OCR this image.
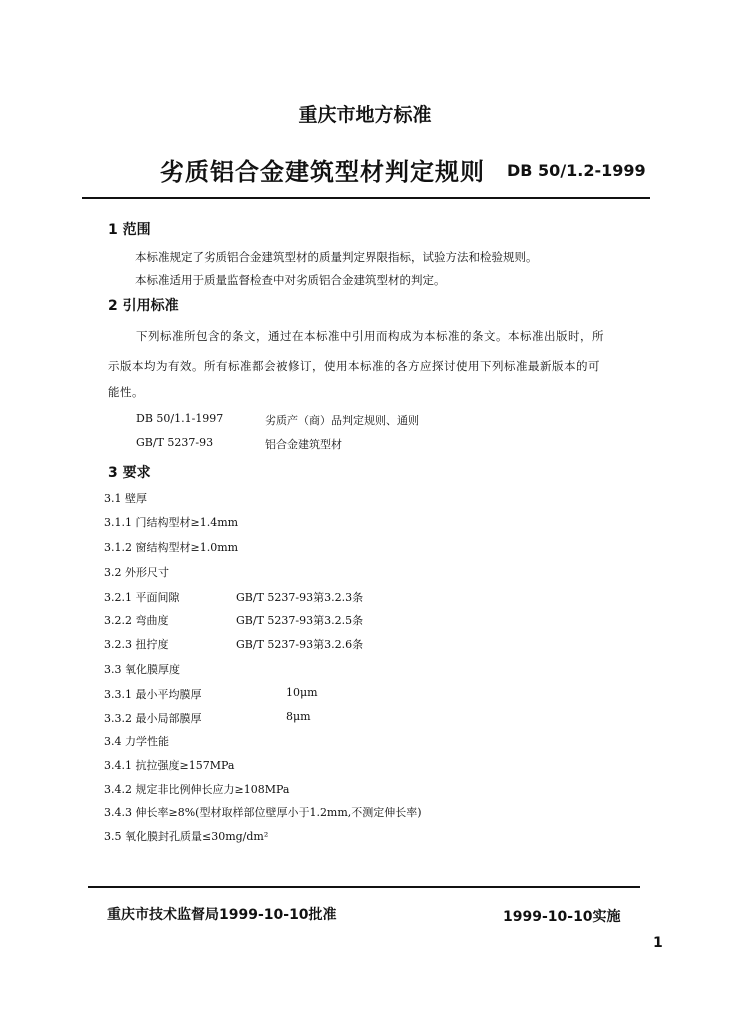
重庆市地方标准
劣质铝合金建筑型材判定规则 DB 50/1.2-1999
1 范围
本标准规定了劣质铝合金建筑型材的质量判定界限指标，试验方法和检验规则。
本标准适用于质量监督检查中对劣质铝合金建筑型材的判定。
2 引用标准
下列标准所包含的条文，通过在本标准中引用而构成为本标准的条文。本标准出版时，所
示版本均为有效。所有标准都会被修订，使用本标准的各方应探讨使用下列标准最新版本的可
能性。
DB 50/1.1-1997	劣质产（商）品判定规则、通则
GB/T 5237-93	铝合金建筑型材
3 要求
3.1 壁厚
3.1.1 门结构型材≥1.4mm
3.1.2 窗结构型材≥1.0mm
3.2 外形尺寸
3.2.1 平面间隙	GB/T 5237-93第3.2.3条
3.2.2 弯曲度	GB/T 5237-93第3.2.5条
3.2.3 扭拧度	GB/T 5237-93第3.2.6条
3.3 氧化膜厚度
3.3.1 最小平均膜厚	10μm
3.3.2 最小局部膜厚	8μm
3.4 力学性能
3.4.1 抗拉强度≥157MPa
3.4.2 规定非比例伸长应力≥108MPa
3.4.3 伸长率≥8%(型材取样部位壁厚小于1.2mm,不测定伸长率)
3.5 氧化膜封孔质量≤30mg/dm²
重庆市技术监督局1999-10-10批准	1999-10-10实施
1
